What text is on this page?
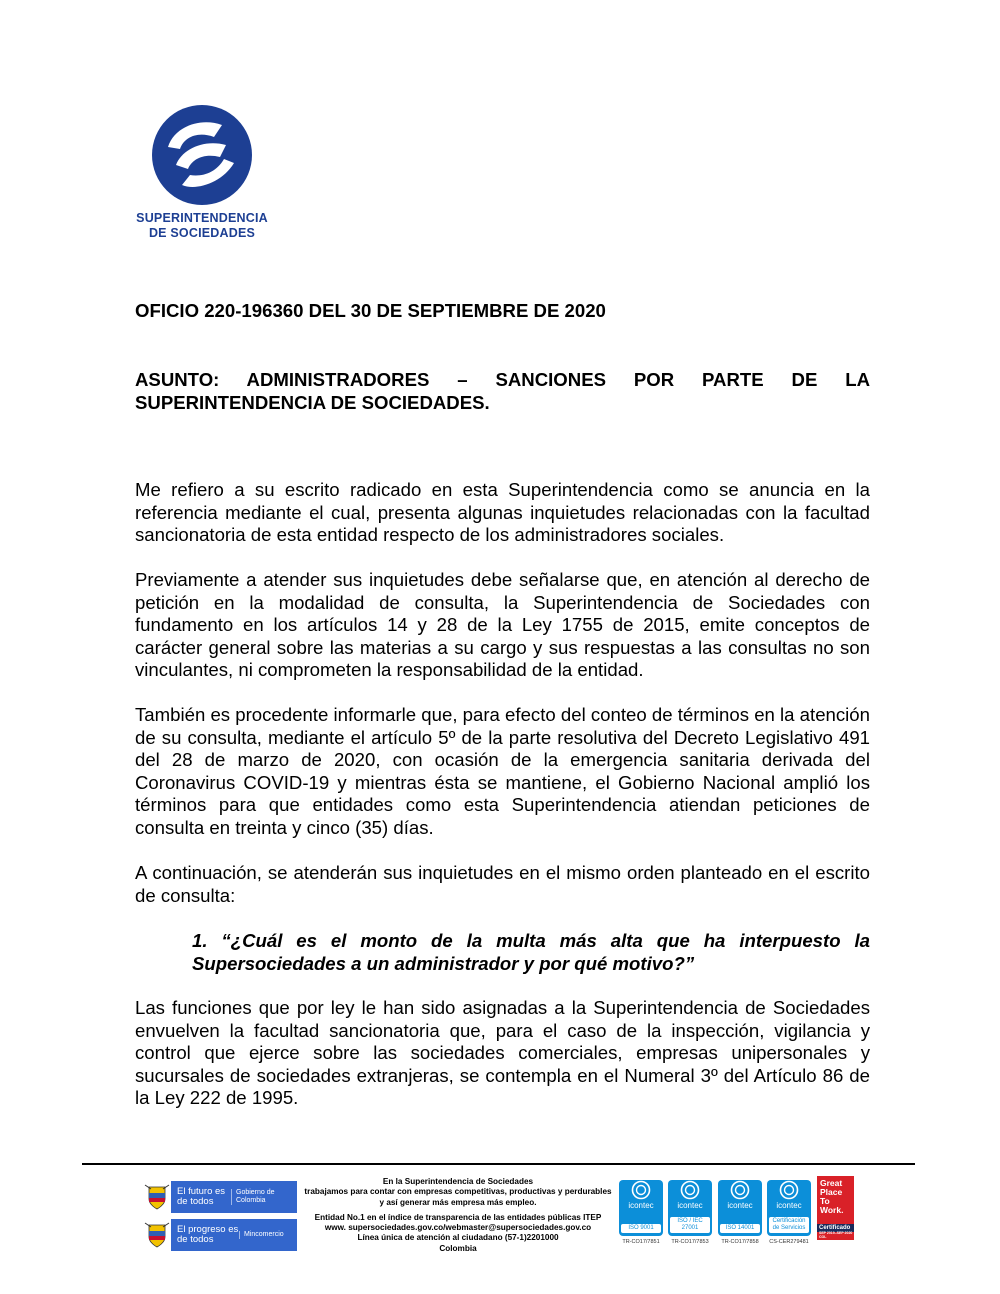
SUPERINTENDENCIA
DE SOCIEDADES
OFICIO 220-196360 DEL 30 DE SEPTIEMBRE DE 2020

ASUNTO: ADMINISTRADORES – SANCIONES POR PARTE DE LA

SUPERINTENDENCIA DE SOCIEDADES.

Me refiero a su escrito radicado en esta Superintendencia como se anuncia en la referencia mediante el cual, presenta algunas inquietudes relacionadas con la facultad sancionatoria de esta entidad respecto de los administradores sociales.
Previamente a atender sus inquietudes debe señalarse que, en atención al derecho de petición en la modalidad de consulta, la Superintendencia de Sociedades con fundamento en los artículos 14 y 28 de la Ley 1755 de 2015, emite conceptos de carácter general sobre las materias a su cargo y sus respuestas a las consultas no son vinculantes, ni comprometen la responsabilidad de la entidad.
También es procedente informarle que, para efecto del conteo de términos en la atención de su consulta, mediante el artículo 5º de la parte resolutiva del Decreto Legislativo 491 del 28 de marzo de 2020, con ocasión de la emergencia sanitaria derivada del Coronavirus COVID-19 y mientras ésta se mantiene, el Gobierno Nacional amplió los términos para que entidades como esta Superintendencia atiendan peticiones de consulta en treinta y cinco (35) días.
A continuación, se atenderán sus inquietudes en el mismo orden planteado en el escrito de consulta:
1. “¿Cuál es el monto de la multa más alta que ha interpuesto la Supersociedades a un administrador y por qué motivo?”
Las funciones que por ley le han sido asignadas a la Superintendencia de Sociedades envuelven la facultad sancionatoria que, para el caso de la inspección, vigilancia y control que ejerce sobre las sociedades comerciales, empresas unipersonales y sucursales de sociedades extranjeras, se contempla en el Numeral 3º del Artículo 86 de la Ley 222 de 1995.
El futuro es de todos
Gobierno de Colombia
El progreso es de todos	Mincomercio
En la Superintendencia de Sociedades
trabajamos para contar con empresas competitivas, productivas y perdurables
y así generar más empresa más empleo.
Entidad No.1 en el índice de transparencia de las entidades públicas ITEP
www. supersociedades.gov.co/webmaster@supersociedades.gov.co
Línea única de atención al ciudadano (57-1)2201000
Colombia
icontec
ISO 9001
TR-CO17/7851
icontec
ISO / IEC 27001
TR-CO17/7853
icontec
ISO 14001
TR-CO17/7858
icontec
Certificación de Servicios
CS-CER279481
Great
Place
To
Work.
Certificado
SEP 2019–SEP 2020 COL
